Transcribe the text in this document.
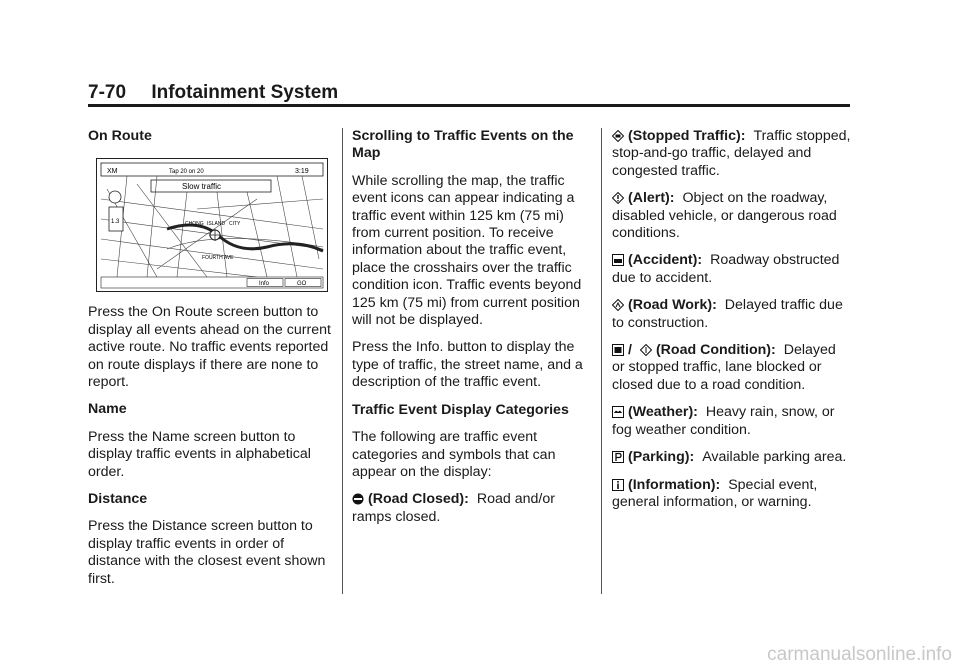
7-70 Infotainment System

On Route

XM	Tap 20 on 20	3:19
Slow traffic
1.3	CHONG ISLAND CITY
FOURTH AVE
Info	GO

Press the On Route screen button to display all events ahead on the current active route. No traffic events reported on route displays if there are none to report.

Name

Press the Name screen button to display traffic events in alphabetical order.

Distance

Press the Distance screen button to display traffic events in order of distance with the closest event shown first.

Scrolling to Traffic Events on the Map

While scrolling the map, the traffic event icons can appear indicating a traffic event within 125 km (75 mi) from current position. To receive information about the traffic event, place the crosshairs over the traffic condition icon. Traffic events beyond 125 km (75 mi) from current position will not be displayed.

Press the Info. button to display the type of traffic, the street name, and a description of the traffic event.

Traffic Event Display Categories

The following are traffic event categories and symbols that can appear on the display:

(Road Closed): Road and/or ramps closed.

(Stopped Traffic): Traffic stopped, stop-and-go traffic, delayed and congested traffic.

(Alert): Object on the roadway, disabled vehicle, or dangerous road conditions.

(Accident): Roadway obstructed due to accident.

(Road Work): Delayed traffic due to construction.

/ (Road Condition): Delayed or stopped traffic, lane blocked or closed due to a road condition.

(Weather): Heavy rain, snow, or fog weather condition.

(Parking): Available parking area.

(Information): Special event, general information, or warning.

carmanualsonline.info
